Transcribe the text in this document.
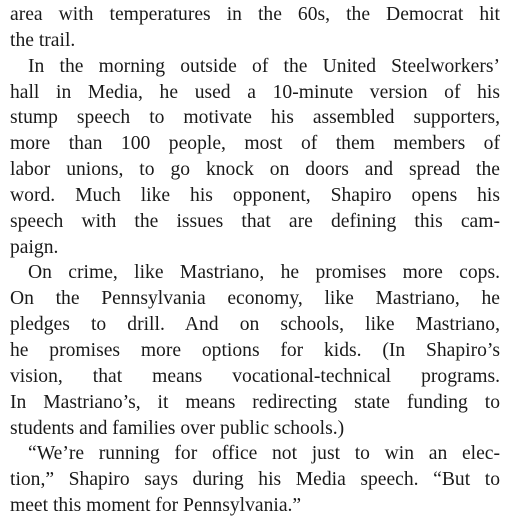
area with temperatures in the 60s, the Democrat hit
the trail.

In the morning outside of the United Steelworkers’
hall in Media, he used a 10-minute version of his
stump speech to motivate his assembled supporters,
more than 100 people, most of them members of
labor unions, to go knock on doors and spread the
word. Much like his opponent, Shapiro opens his
speech with the issues that are defining this cam-
paign.

On crime, like Mastriano, he promises more cops.
On the Pennsylvania economy, like Mastriano, he
pledges to drill. And on schools, like Mastriano,
he promises more options for kids. (In Shapiro’s
vision, that means vocational-technical programs.
In Mastriano’s, it means redirecting state funding to
students and families over public schools.)

“We’re running for office not just to win an elec-
tion,” Shapiro says during his Media speech. “But to
meet this moment for Pennsylvania.”
